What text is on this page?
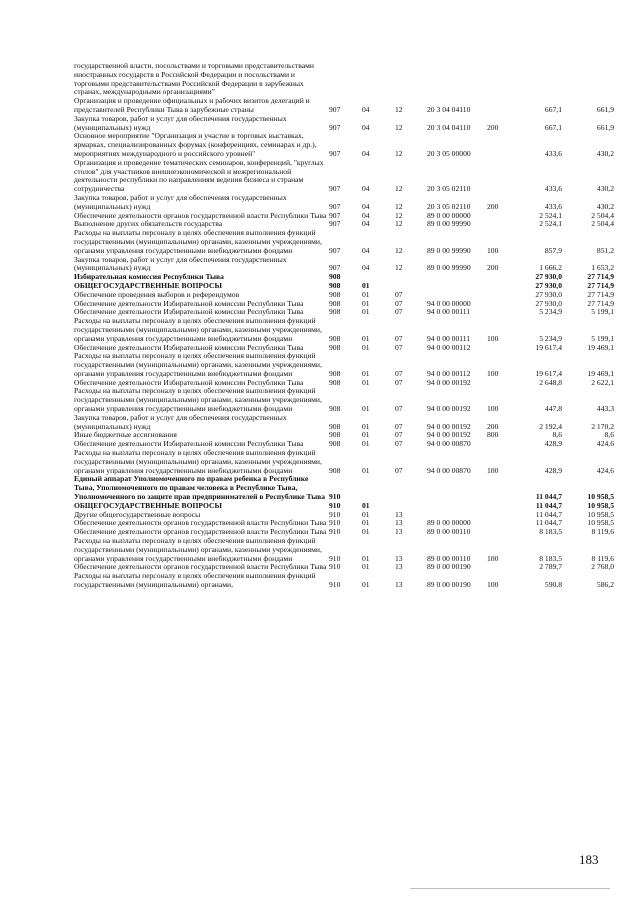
государственной власти, посольствами и торговыми представительствами иностранных государств в Российской Федерации и посольствами и торговыми представительствами Российской Федерации в зарубежных странах, международными организациями"							
Организация и проведение официальных и рабочих визитов делегаций и представителей Республики Тыва в зарубежные страны	907	04	12	20 3 04 04110		667,1	661,9
Закупка товаров, работ и услуг для обеспечения государственных (муниципальных) нужд	907	04	12	20 3 04 04110	200	667,1	661,9
Основное мероприятие "Организация и участие в торговых выставках, ярмарках, специализированных форумах (конференциях, семинарах и др.), мероприятиях международного и российского уровней"	907	04	12	20 3 05 00000		433,6	430,2
Организация и проведение тематических семинаров, конференций, "круглых столов" для участников внешнеэкономической и межрегиональной деятельности республики по направлениям ведения бизнеса и странам сотрудничества	907	04	12	20 3 05 02110		433,6	430,2
Закупка товаров, работ и услуг для обеспечения государственных (муниципальных) нужд	907	04	12	20 3 05 02110	200	433,6	430,2
Обеспечение деятельности органов государственной власти Республики Тыва	907	04	12	89 0 00 00000		2 524,1	2 504,4
Выполнение других обязательств государства	907	04	12	89 0 00 99990		2 524,1	2 504,4
Расходы на выплаты персоналу в целях обеспечения выполнения функций государственными (муниципальными) органами, казенными учреждениями, органами управления государственными внебюджетными фондами	907	04	12	89 0 00 99990	100	857,9	851,2
Закупка товаров, работ и услуг для обеспечения государственных (муниципальных) нужд	907	04	12	89 0 00 99990	200	1 666,2	1 653,2
Избирательная комиссия Республики Тыва	908					27 930,0	27 714,9
ОБЩЕГОСУДАРСТВЕННЫЕ ВОПРОСЫ	908	01				27 930,0	27 714,9
Обеспечение проведения выборов и референдумов	908	01	07			27 930,0	27 714,9
Обеспечение деятельности Избирательной комиссии Республики Тыва	908	01	07	94 0 00 00000		27 930,0	27 714,9
Обеспечение деятельности Избирательной комиссии Республики Тыва	908	01	07	94 0 00 00111		5 234,9	5 199,1
Расходы на выплаты персоналу в целях обеспечения выполнения функций государственными (муниципальными) органами, казенными учреждениями, органами управления государственными внебюджетными фондами	908	01	07	94 0 00 00111	100	5 234,9	5 199,1
Обеспечение деятельности Избирательной комиссии Республики Тыва	908	01	07	94 0 00 00112		19 617,4	19 469,1
Расходы на выплаты персоналу в целях обеспечения выполнения функций государственными (муниципальными) органами, казенными учреждениями, органами управления государственными внебюджетными фондами	908	01	07	94 0 00 00112	100	19 617,4	19 469,1
Обеспечение деятельности Избирательной комиссии Республики Тыва	908	01	07	94 0 00 00192		2 648,8	2 622,1
Расходы на выплаты персоналу в целях обеспечения выполнения функций государственными (муниципальными) органами, казенными учреждениями, органами управления государственными внебюджетными фондами	908	01	07	94 0 00 00192	100	447,8	443,3
Закупка товаров, работ и услуг для обеспечения государственных (муниципальных) нужд	908	01	07	94 0 00 00192	200	2 192,4	2 170,2
Иные бюджетные ассигнования	908	01	07	94 0 00 00192	800	8,6	8,6
Обеспечение деятельности Избирательной комиссии Республики Тыва	908	01	07	94 0 00 00870		428,9	424,6
Расходы на выплаты персоналу в целях обеспечения выполнения функций государственными (муниципальными) органами, казенными учреждениями, органами управления государственными внебюджетными фондами	908	01	07	94 0 00 00870	100	428,9	424,6
Единый аппарат Уполномоченного по правам ребенка в Республике Тыва, Уполномоченного по правам человека в Республике Тыва, Уполномоченного по защите прав предпринимателей в Республике Тыва	910					11 044,7	10 958,5
ОБЩЕГОСУДАРСТВЕННЫЕ ВОПРОСЫ	910	01				11 044,7	10 958,5
Другие общегосударственные вопросы	910	01	13			11 044,7	10 958,5
Обеспечение деятельности органов государственной власти Республики Тыва	910	01	13	89 0 00 00000		11 044,7	10 958,5
Обеспечение деятельности органов государственной власти Республики Тыва	910	01	13	89 0 00 00110		8 183,5	8 119,6
Расходы на выплаты персоналу в целях обеспечения выполнения функций государственными (муниципальными) органами, казенными учреждениями, органами управления государственными внебюджетными фондами	910	01	13	89 0 00 00110	100	8 183,5	8 119,6
Обеспечение деятельности органов государственной власти Республики Тыва	910	01	13	89 0 00 00190		2 789,7	2 768,0
Расходы на выплаты персоналу в целях обеспечения выполнения функций государственными (муниципальными) органами,	910	01	13	89 0 00 00190	100	590,8	586,2
183
